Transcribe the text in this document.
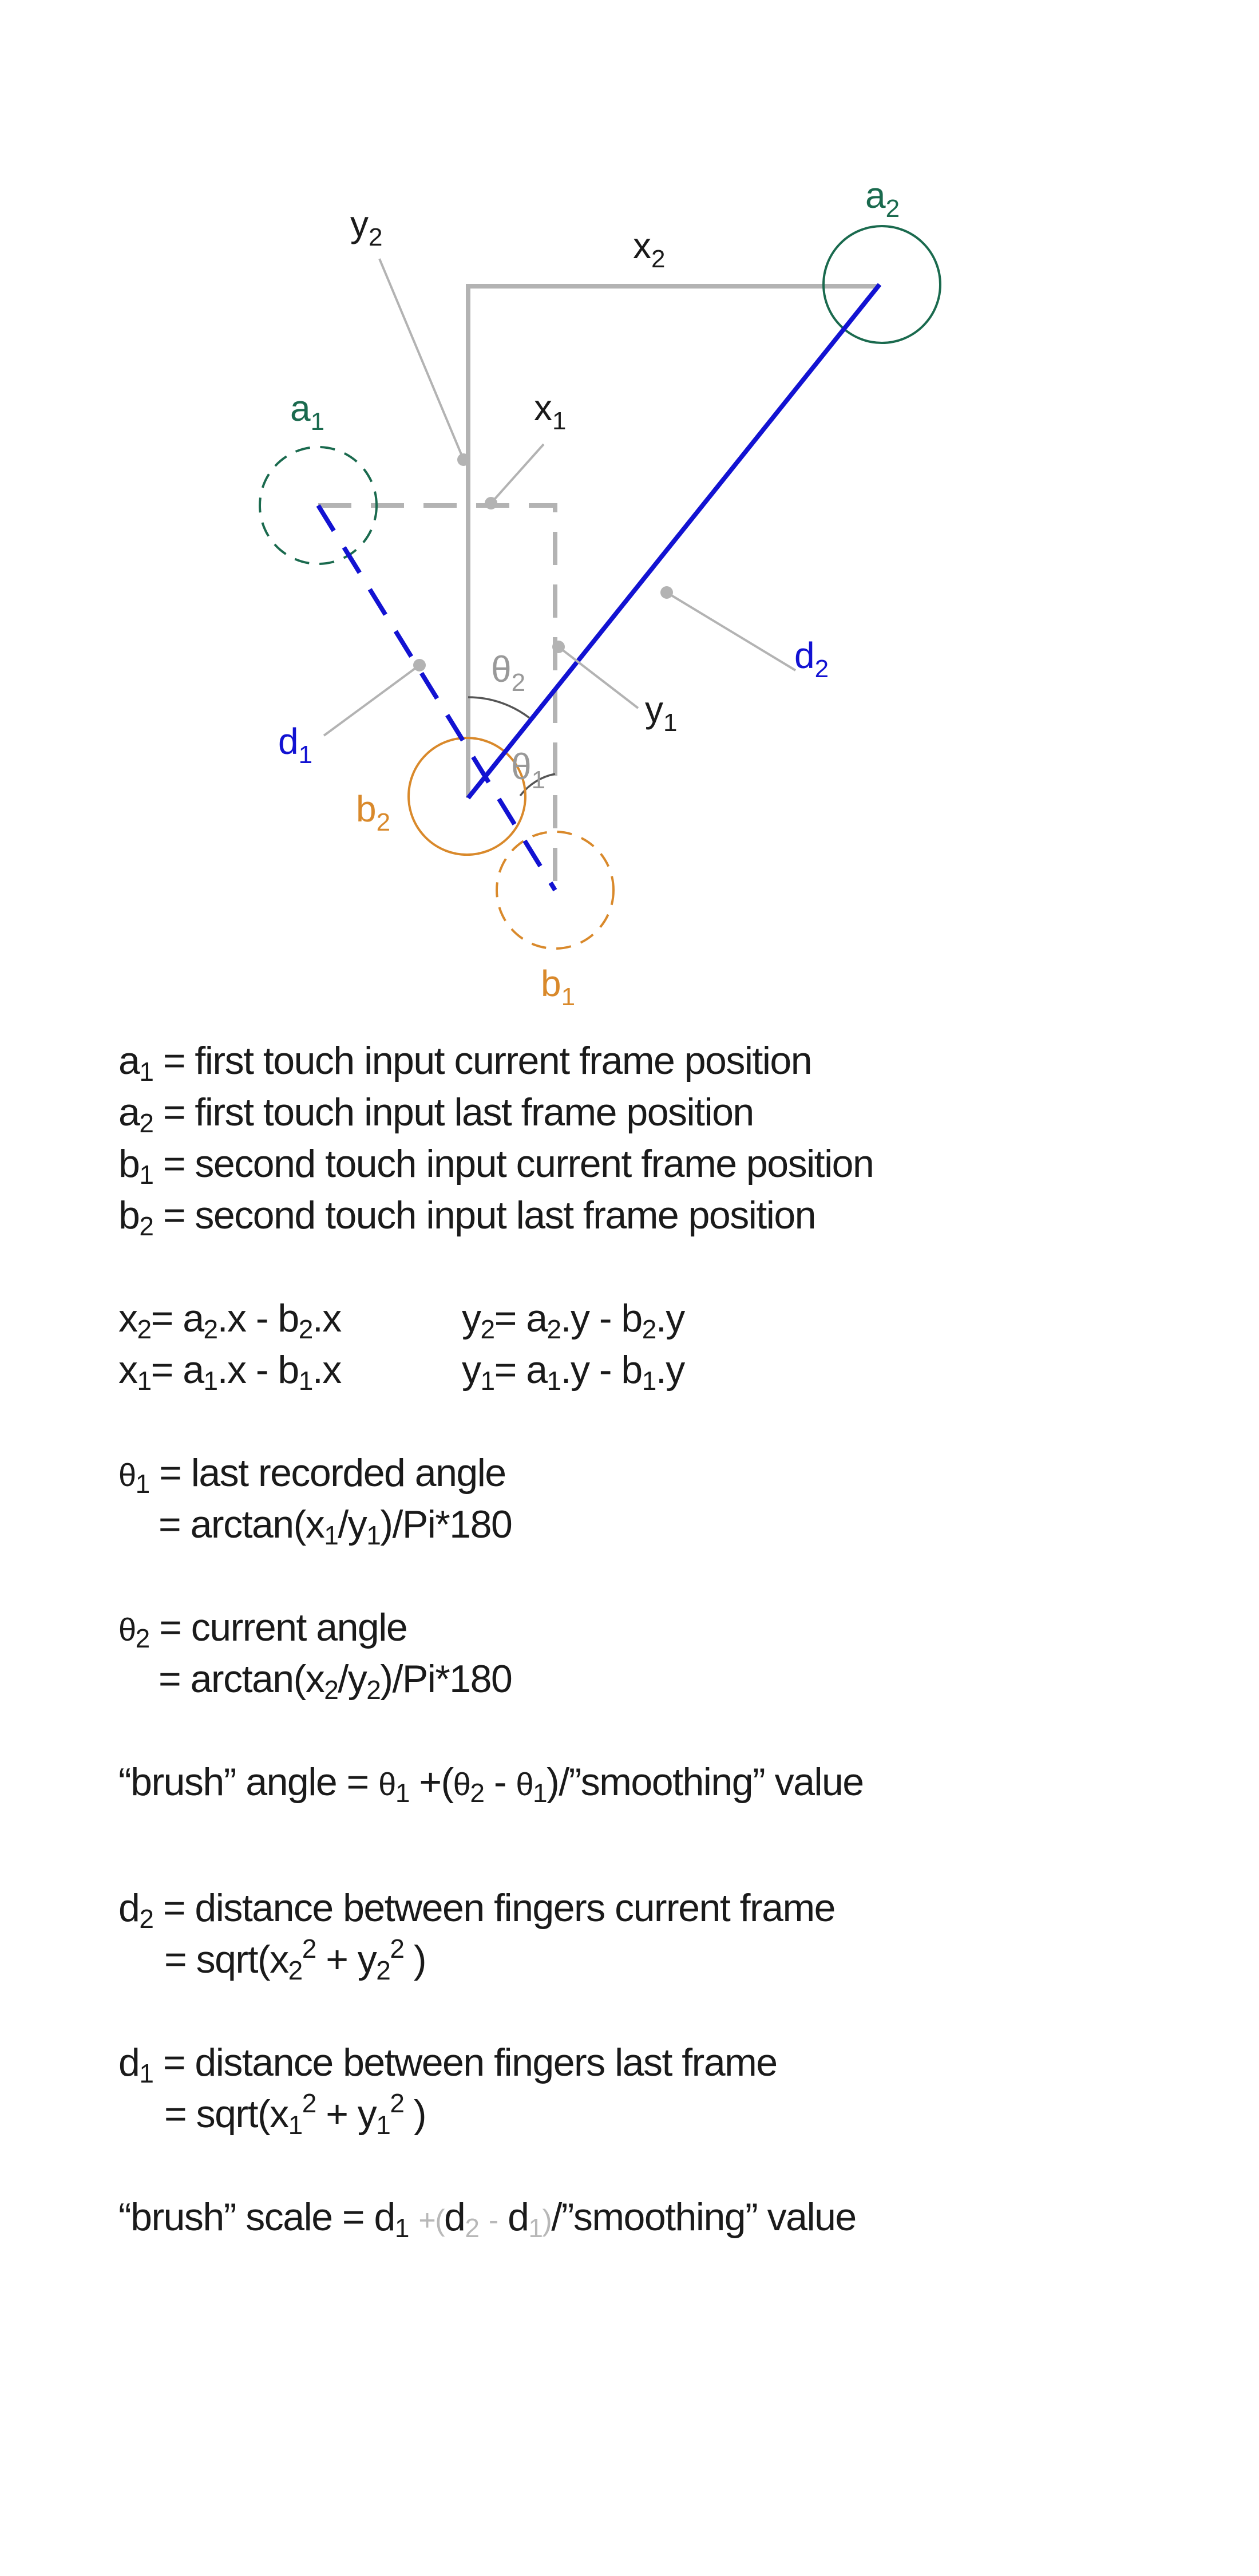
$a_2$
$y_2$	$x_2$
$a_1$	$x_1$
$d_2$
$\theta_2$
$y_1$
$d_1$	$\theta_1$
$b_2$
$b_1$
$a_1$ = first touch input current frame position
$a_2$ = first touch input last frame position
$b_1$ = second touch input current frame position
$b_2$ = second touch input last frame position
$x_2= a_2.x - b_2.x$	$y_2= a_2.y - b_2.y$
$x_1= a_1.x - b_1.x$	$y_1= a_1.y - b_1.y$
$\theta_1$ = last recorded angle
= $\arctan(x_1/y_1)/Pi*180$
$\theta_2$ = current angle
= $\arctan(x_2/y_2)/Pi*180$
“brush” angle = $\theta_1 +(\theta_2$ - $\theta_1)/”smoothing$” value
$d_2$ = distance between fingers current frame
= $sqrt(x_2^2 + y_2^2$ )
$d_1$ = distance between fingers last frame
= $sqrt(x_1^2 + y_1^2$ )
“brush” scale = $d_1 +(d_2$ - $d_1)/”smoothing$” value
